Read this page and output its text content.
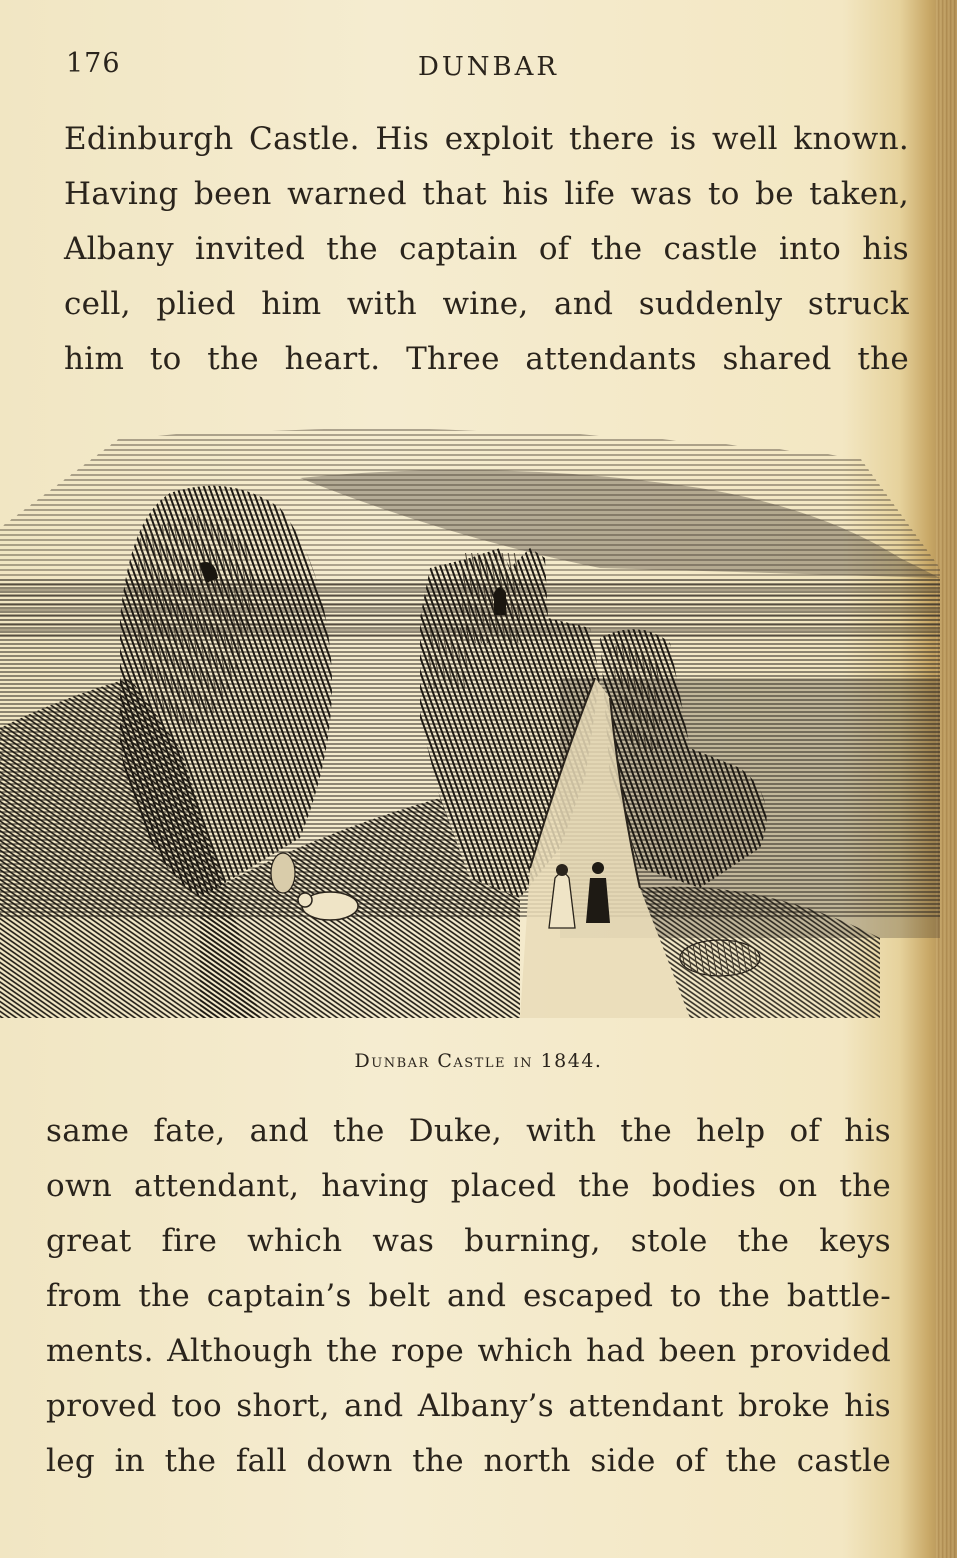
176	DUNBAR
Edinburgh Castle. His exploit there is well known.
Having been warned that his life was to be taken,
Albany invited the captain of the castle into his
cell, plied him with wine, and suddenly struck
him to the heart. Three attendants shared the
Dunbar Castle in 1844.
same fate, and the Duke, with the help of his
own attendant, having placed the bodies on the
great fire which was burning, stole the keys
from the captain’s belt and escaped to the battle-
ments. Although the rope which had been provided
proved too short, and Albany’s attendant broke his
leg in the fall down the north side of the castle
